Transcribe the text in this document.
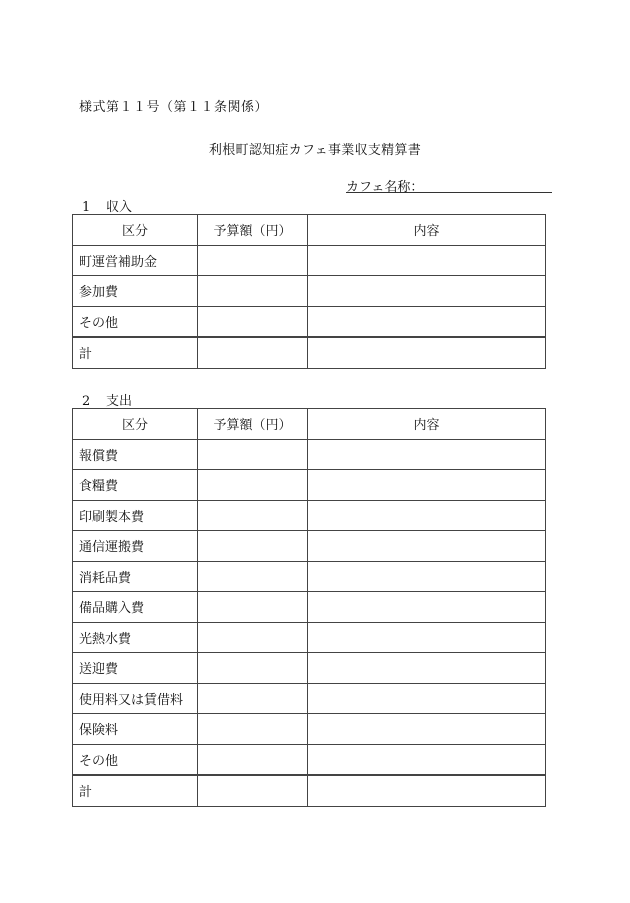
様式第１１号（第１１条関係）
利根町認知症カフェ事業収支精算書
カフェ名称：
1 収入
区分	予算額（円）	内容
町運営補助金		
参加費		
その他		
計		
2 支出
区分	予算額（円）	内容
報償費		
食糧費		
印刷製本費		
通信運搬費		
消耗品費		
備品購入費		
光熱水費		
送迎費		
使用料又は賃借料		
保険料		
その他		
計		
